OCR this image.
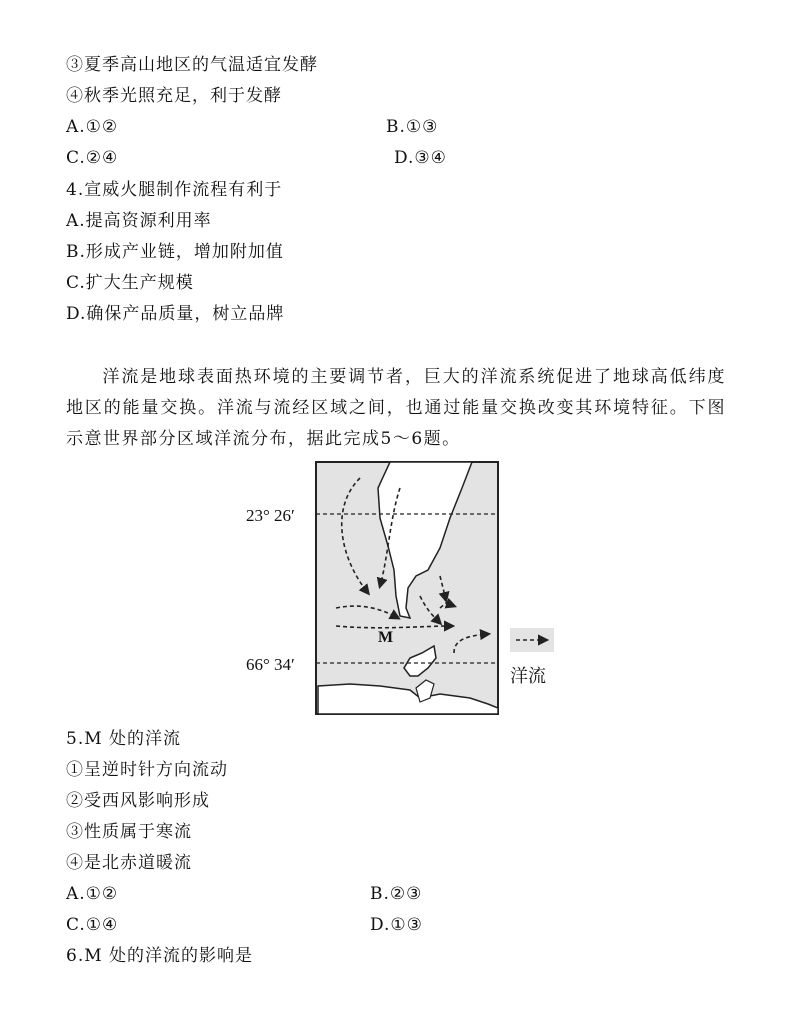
③夏季高山地区的气温适宜发酵
④秋季光照充足，利于发酵
A.①②	B.①③
C.②④	D.③④
4.宣威火腿制作流程有利于
A.提高资源利用率
B.形成产业链，增加附加值
C.扩大生产规模
D.确保产品质量，树立品牌
洋流是地球表面热环境的主要调节者，巨大的洋流系统促进了地球高低纬度地区的能量交换。洋流与流经区域之间，也通过能量交换改变其环境特征。下图示意世界部分区域洋流分布，据此完成5～6题。
23° 26′
66° 34′
M
洋流
5.M 处的洋流
①呈逆时针方向流动
②受西风影响形成
③性质属于寒流
④是北赤道暖流
A.①②	B.②③
C.①④	D.①③
6.M 处的洋流的影响是
